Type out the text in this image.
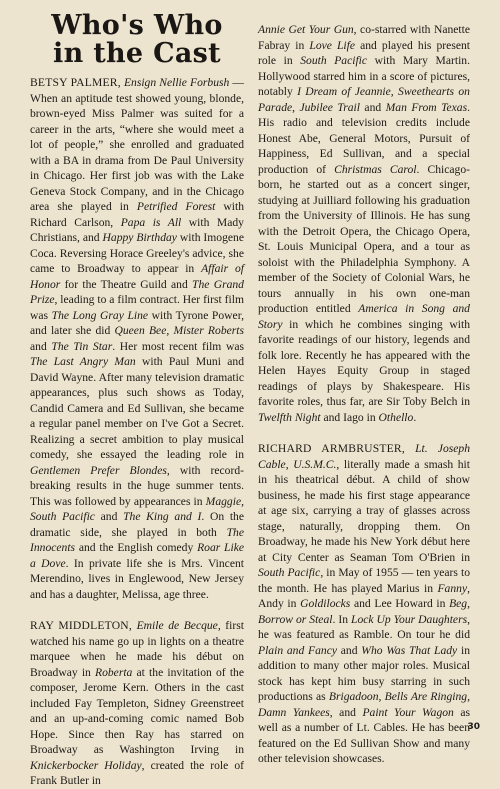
Who's Who
in the Cast

BETSY PALMER, Ensign Nellie Forbush — When an aptitude test showed young, blonde, brown-eyed Miss Palmer was suited for a career in the arts, “where she would meet a lot of people,” she enrolled and graduated with a BA in drama from De Paul University in Chicago. Her first job was with the Lake Geneva Stock Company, and in the Chicago area she played in Petrified Forest with Richard Carlson, Papa is All with Mady Christians, and Happy Birthday with Imogene Coca. Reversing Horace Greeley's advice, she came to Broadway to appear in Affair of Honor for the Theatre Guild and The Grand Prize, leading to a film contract. Her first film was The Long Gray Line with Tyrone Power, and later she did Queen Bee, Mister Roberts and The Tin Star. Her most recent film was The Last Angry Man with Paul Muni and David Wayne. After many television dramatic appearances, plus such shows as Today, Candid Camera and Ed Sullivan, she became a regular panel member on I've Got a Secret. Realizing a secret ambition to play musical comedy, she essayed the leading role in Gentlemen Prefer Blondes, with record-breaking results in the huge summer tents. This was followed by appearances in Maggie, South Pacific and The King and I. On the dramatic side, she played in both The Innocents and the English comedy Roar Like a Dove. In private life she is Mrs. Vincent Merendino, lives in Englewood, New Jersey and has a daughter, Melissa, age three.

RAY MIDDLETON, Emile de Becque, first watched his name go up in lights on a theatre marquee when he made his début on Broadway in Roberta at the invitation of the composer, Jerome Kern. Others in the cast included Fay Templeton, Sidney Greenstreet and an up-and-coming comic named Bob Hope. Since then Ray has starred on Broadway as Washington Irving in Knickerbocker Holiday, created the role of Frank Butler in

Annie Get Your Gun, co-starred with Nanette Fabray in Love Life and played his present role in South Pacific with Mary Martin. Hollywood starred him in a score of pictures, notably I Dream of Jeannie, Sweethearts on Parade, Jubilee Trail and Man From Texas. His radio and television credits include Honest Abe, General Motors, Pursuit of Happiness, Ed Sullivan, and a special production of Christmas Carol. Chicago-born, he started out as a concert singer, studying at Juilliard following his graduation from the University of Illinois. He has sung with the Detroit Opera, the Chicago Opera, St. Louis Municipal Opera, and a tour as soloist with the Philadelphia Symphony. A member of the Society of Colonial Wars, he tours annually in his own one-man production entitled America in Song and Story in which he combines singing with favorite readings of our history, legends and folk lore. Recently he has appeared with the Helen Hayes Equity Group in staged readings of plays by Shakespeare. His favorite roles, thus far, are Sir Toby Belch in Twelfth Night and Iago in Othello.

RICHARD ARMBRUSTER, Lt. Joseph Cable, U.S.M.C., literally made a smash hit in his theatrical début. A child of show business, he made his first stage appearance at age six, carrying a tray of glasses across stage, naturally, dropping them. On Broadway, he made his New York début here at City Center as Seaman Tom O'Brien in South Pacific, in May of 1955 — ten years to the month. He has played Marius in Fanny, Andy in Goldilocks and Lee Howard in Beg, Borrow or Steal. In Lock Up Your Daughters, he was featured as Ramble. On tour he did Plain and Fancy and Who Was That Lady in addition to many other major roles. Musical stock has kept him busy starring in such productions as Brigadoon, Bells Are Ringing, Damn Yankees, and Paint Your Wagon as well as a number of Lt. Cables. He has been featured on the Ed Sullivan Show and many other television showcases.

30
